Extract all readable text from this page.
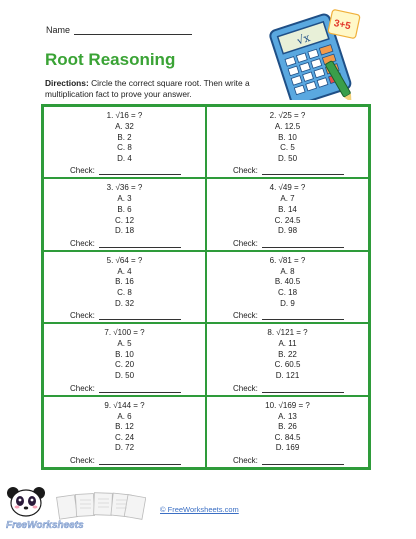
Name
Root Reasoning
Directions: Circle the correct square root. Then write a multiplication fact to prove your answer.
√x
3+5
1. √16 = ?
A. 32
B. 2
C. 8
D. 4
Check:
2. √25 = ?
A. 12.5
B. 10
C. 5
D. 50
Check:
3. √36 = ?
A. 3
B. 6
C. 12
D. 18
Check:
4. √49 = ?
A. 7
B. 14
C. 24.5
D. 98
Check:
5. √64 = ?
A. 4
B. 16
C. 8
D. 32
Check:
6. √81 = ?
A. 8
B. 40.5
C. 18
D. 9
Check:
7. √100 = ?
A. 5
B. 10
C. 20
D. 50
Check:
8. √121 = ?
A. 11
B. 22
C. 60.5
D. 121
Check:
9. √144 = ?
A. 6
B. 12
C. 24
D. 72
Check:
10. √169 = ?
A. 13
B. 26
C. 84.5
D. 169
Check:
FreeWorksheets
© FreeWorksheets.com
